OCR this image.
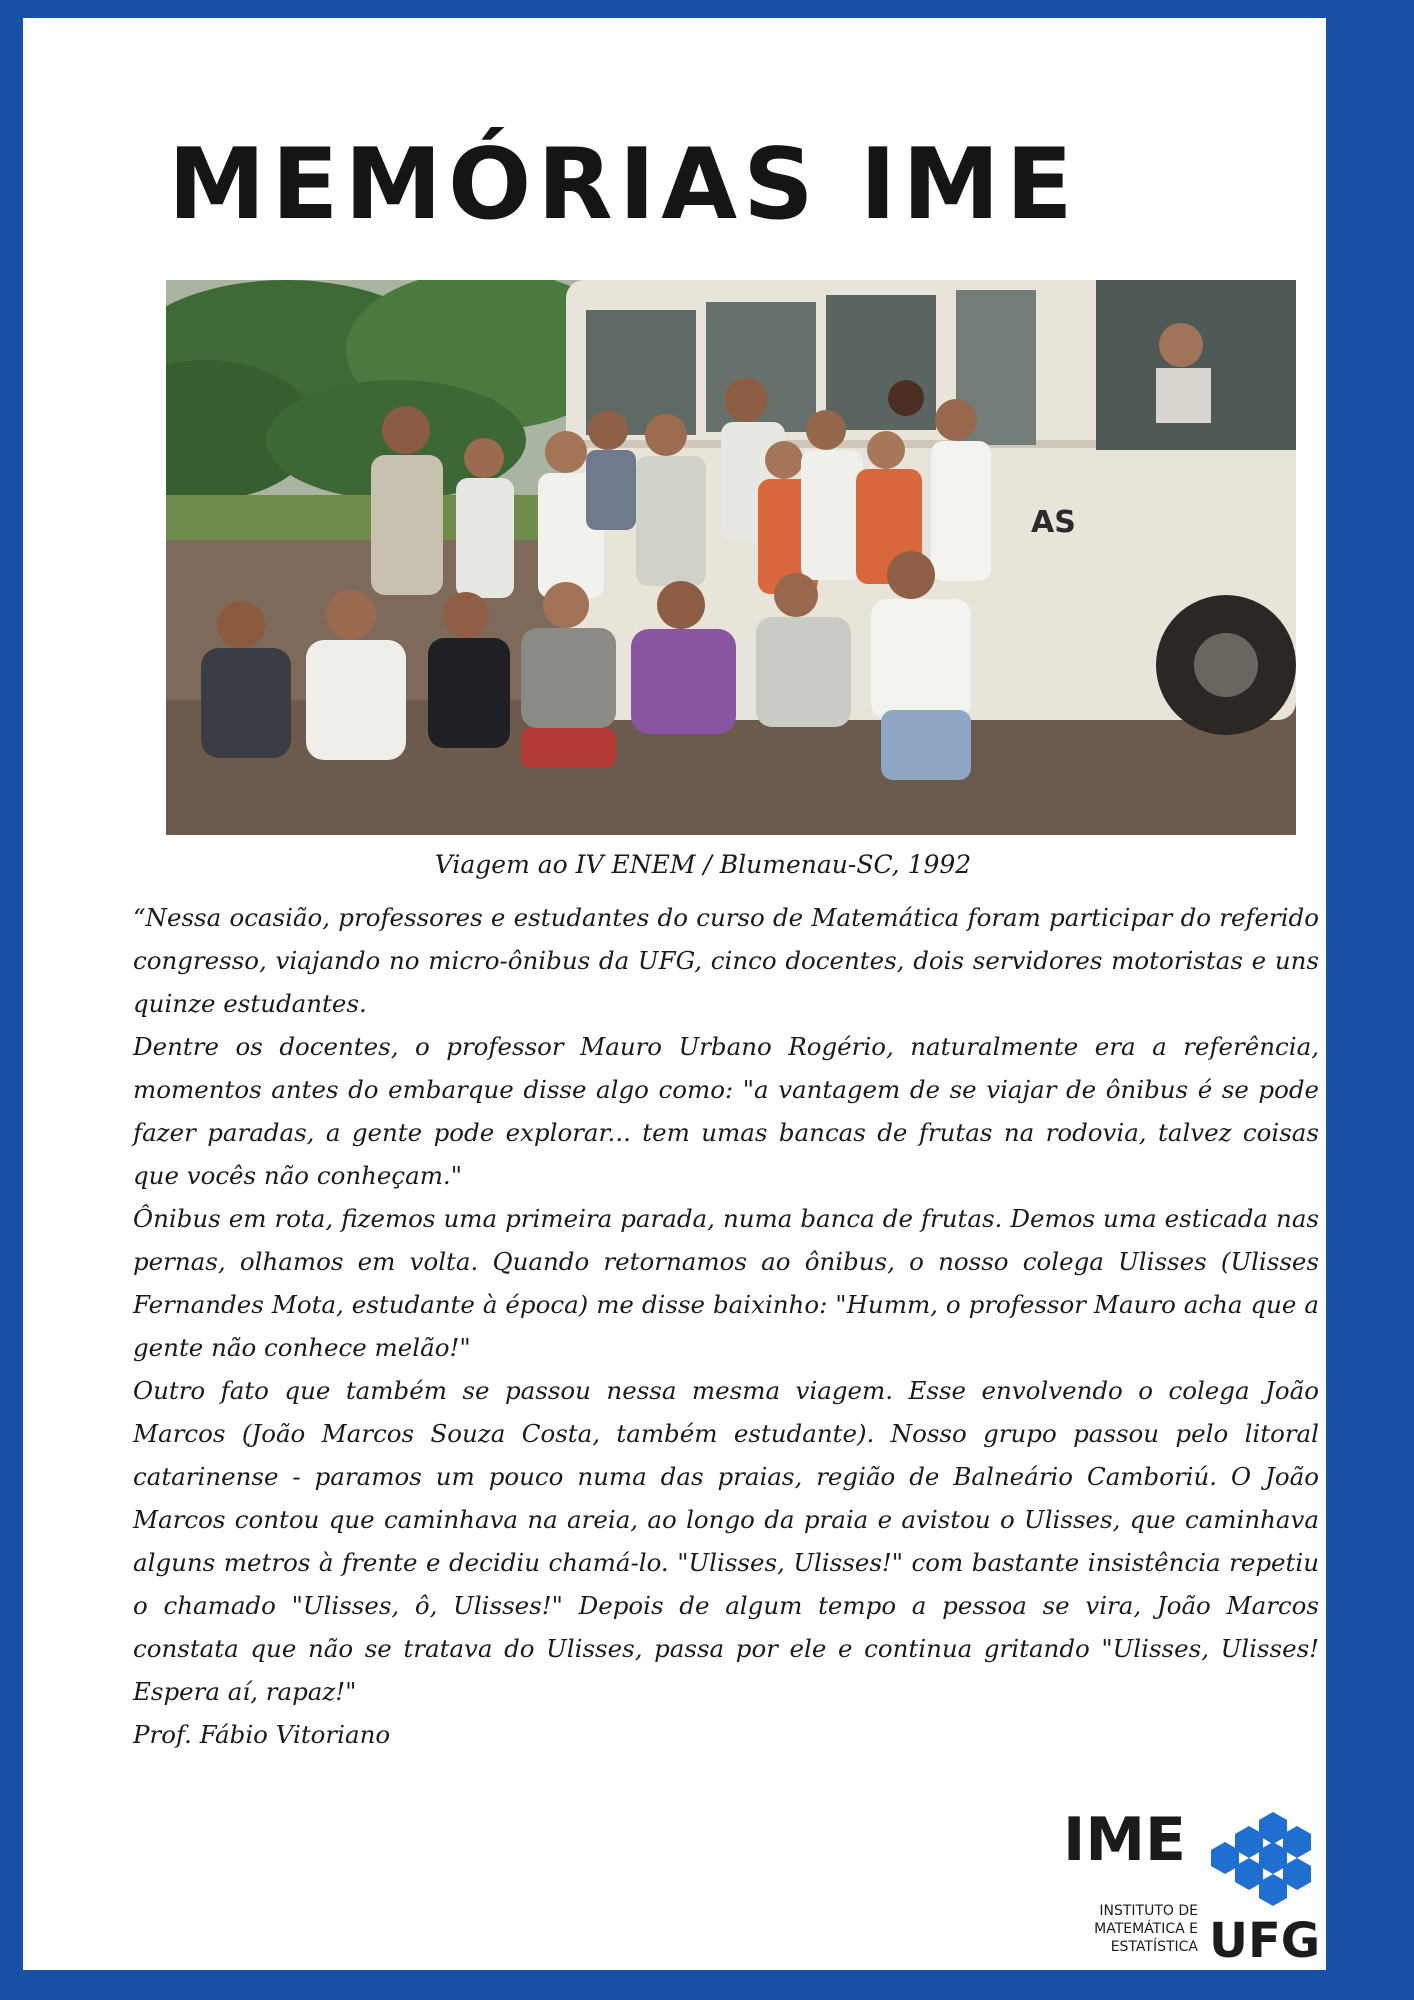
MEMÓRIAS IME
AS
Viagem ao IV ENEM / Blumenau-SC, 1992

“Nessa ocasião, professores e estudantes do curso de Matemática foram participar do referido congresso, viajando no micro-ônibus da UFG, cinco docentes, dois servidores motoristas e uns quinze estudantes.

Dentre os docentes, o professor Mauro Urbano Rogério, naturalmente era a referência, momentos antes do embarque disse algo como: "a vantagem de se viajar de ônibus é se pode fazer paradas, a gente pode explorar... tem umas bancas de frutas na rodovia, talvez coisas que vocês não conheçam."

Ônibus em rota, fizemos uma primeira parada, numa banca de frutas. Demos uma esticada nas pernas, olhamos em volta. Quando retornamos ao ônibus, o nosso colega Ulisses (Ulisses Fernandes Mota, estudante à época) me disse baixinho: "Humm, o professor Mauro acha que a gente não conhece melão!"

Outro fato que também se passou nessa mesma viagem. Esse envolvendo o colega João Marcos (João Marcos Souza Costa, também estudante). Nosso grupo passou pelo litoral catarinense - paramos um pouco numa das praias, região de Balneário Camboriú. O João Marcos contou que caminhava na areia, ao longo da praia e avistou o Ulisses, que caminhava alguns metros à frente e decidiu chamá-lo. "Ulisses, Ulisses!" com bastante insistência repetiu o chamado "Ulisses, ô, Ulisses!" Depois de algum tempo a pessoa se vira, João Marcos constata que não se tratava do Ulisses, passa por ele e continua gritando "Ulisses, Ulisses! Espera aí, rapaz!"

Prof. Fábio Vitoriano

IME
INSTITUTO DE
MATEMÁTICA E
ESTATÍSTICA UFG
